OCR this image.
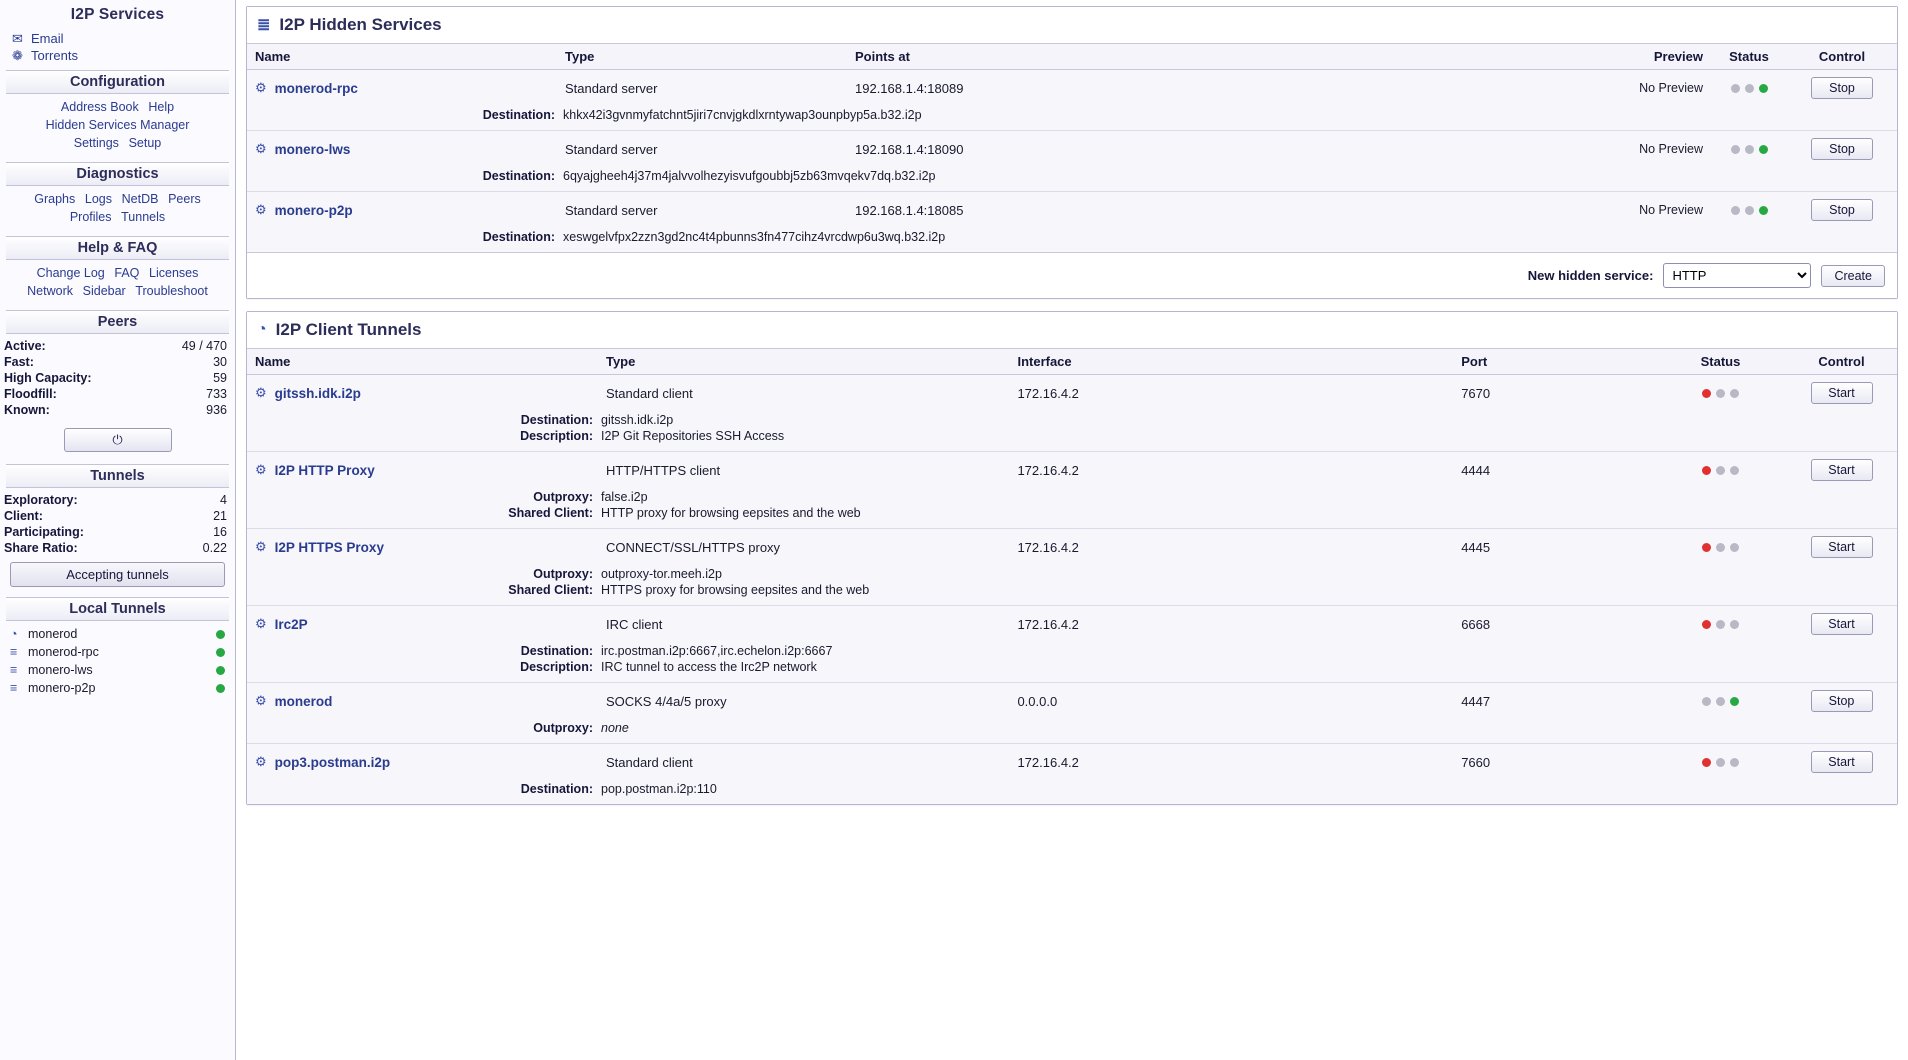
I2P Services
✉ Email
❁ Torrents
Configuration
Address Book Help
Hidden Services Manager
Settings Setup
Diagnostics
Graphs Logs NetDB Peers
Profiles Tunnels
Help & FAQ
Change Log FAQ Licenses
Network Sidebar Troubleshoot
Peers
Active:	49 / 470
Fast:	30
High Capacity:	59
Floodfill:	733
Known:	936
⏻
Tunnels
Exploratory:	4
Client:	21
Participating:	16
Share Ratio:	0.22
Accepting tunnels
Local Tunnels
◔ monerod
≡ monerod-rpc
≡ monero-lws
≡ monero-p2p
≣ I2P Hidden Services
Name	Type	Points at	Preview	Status	Control

⚙ monerod-rpc	Standard server	192.168.1.4:18089	No Preview		Stop

Destination: khkx42i3gvnmyfatchnt5jiri7cnvjgkdlxrntywap3ounpbyp5a.b32.i2p					

⚙ monero-lws	Standard server	192.168.1.4:18090	No Preview		Stop

Destination: 6qyajgheeh4j37m4jalvvolhezyisvufgoubbj5zb63mvqekv7dq.b32.i2p					

⚙ monero-p2p	Standard server	192.168.1.4:18085	No Preview		Stop

Destination: xeswgelvfpx2zzn3gd2nc4t4pbunns3fn477cihz4vrcdwp6u3wq.b32.i2p					
New hidden service:
HTTP	Create
◔ I2P Client Tunnels
Name	Type	Interface	Port	Status	Control

⚙ gitssh.idk.i2p	Standard client	172.16.4.2	7670		Start

Destination: gitssh.idk.i2p
Description: I2P Git Repositories SSH Access					

⚙ I2P HTTP Proxy	HTTP/HTTPS client	172.16.4.2	4444		Start

Outproxy: false.i2p
Shared Client: HTTP proxy for browsing eepsites and the web					

⚙ I2P HTTPS Proxy	CONNECT/SSL/HTTPS proxy	172.16.4.2	4445		Start

Outproxy: outproxy-tor.meeh.i2p
Shared Client: HTTPS proxy for browsing eepsites and the web					

⚙ Irc2P	IRC client	172.16.4.2	6668		Start

Destination: irc.postman.i2p:6667,irc.echelon.i2p:6667
Description: IRC tunnel to access the Irc2P network					

⚙ monerod	SOCKS 4/4a/5 proxy	0.0.0.0	4447		Stop

Outproxy: none					

⚙ pop3.postman.i2p	Standard client	172.16.4.2	7660		Start

Destination: pop.postman.i2p:110					
